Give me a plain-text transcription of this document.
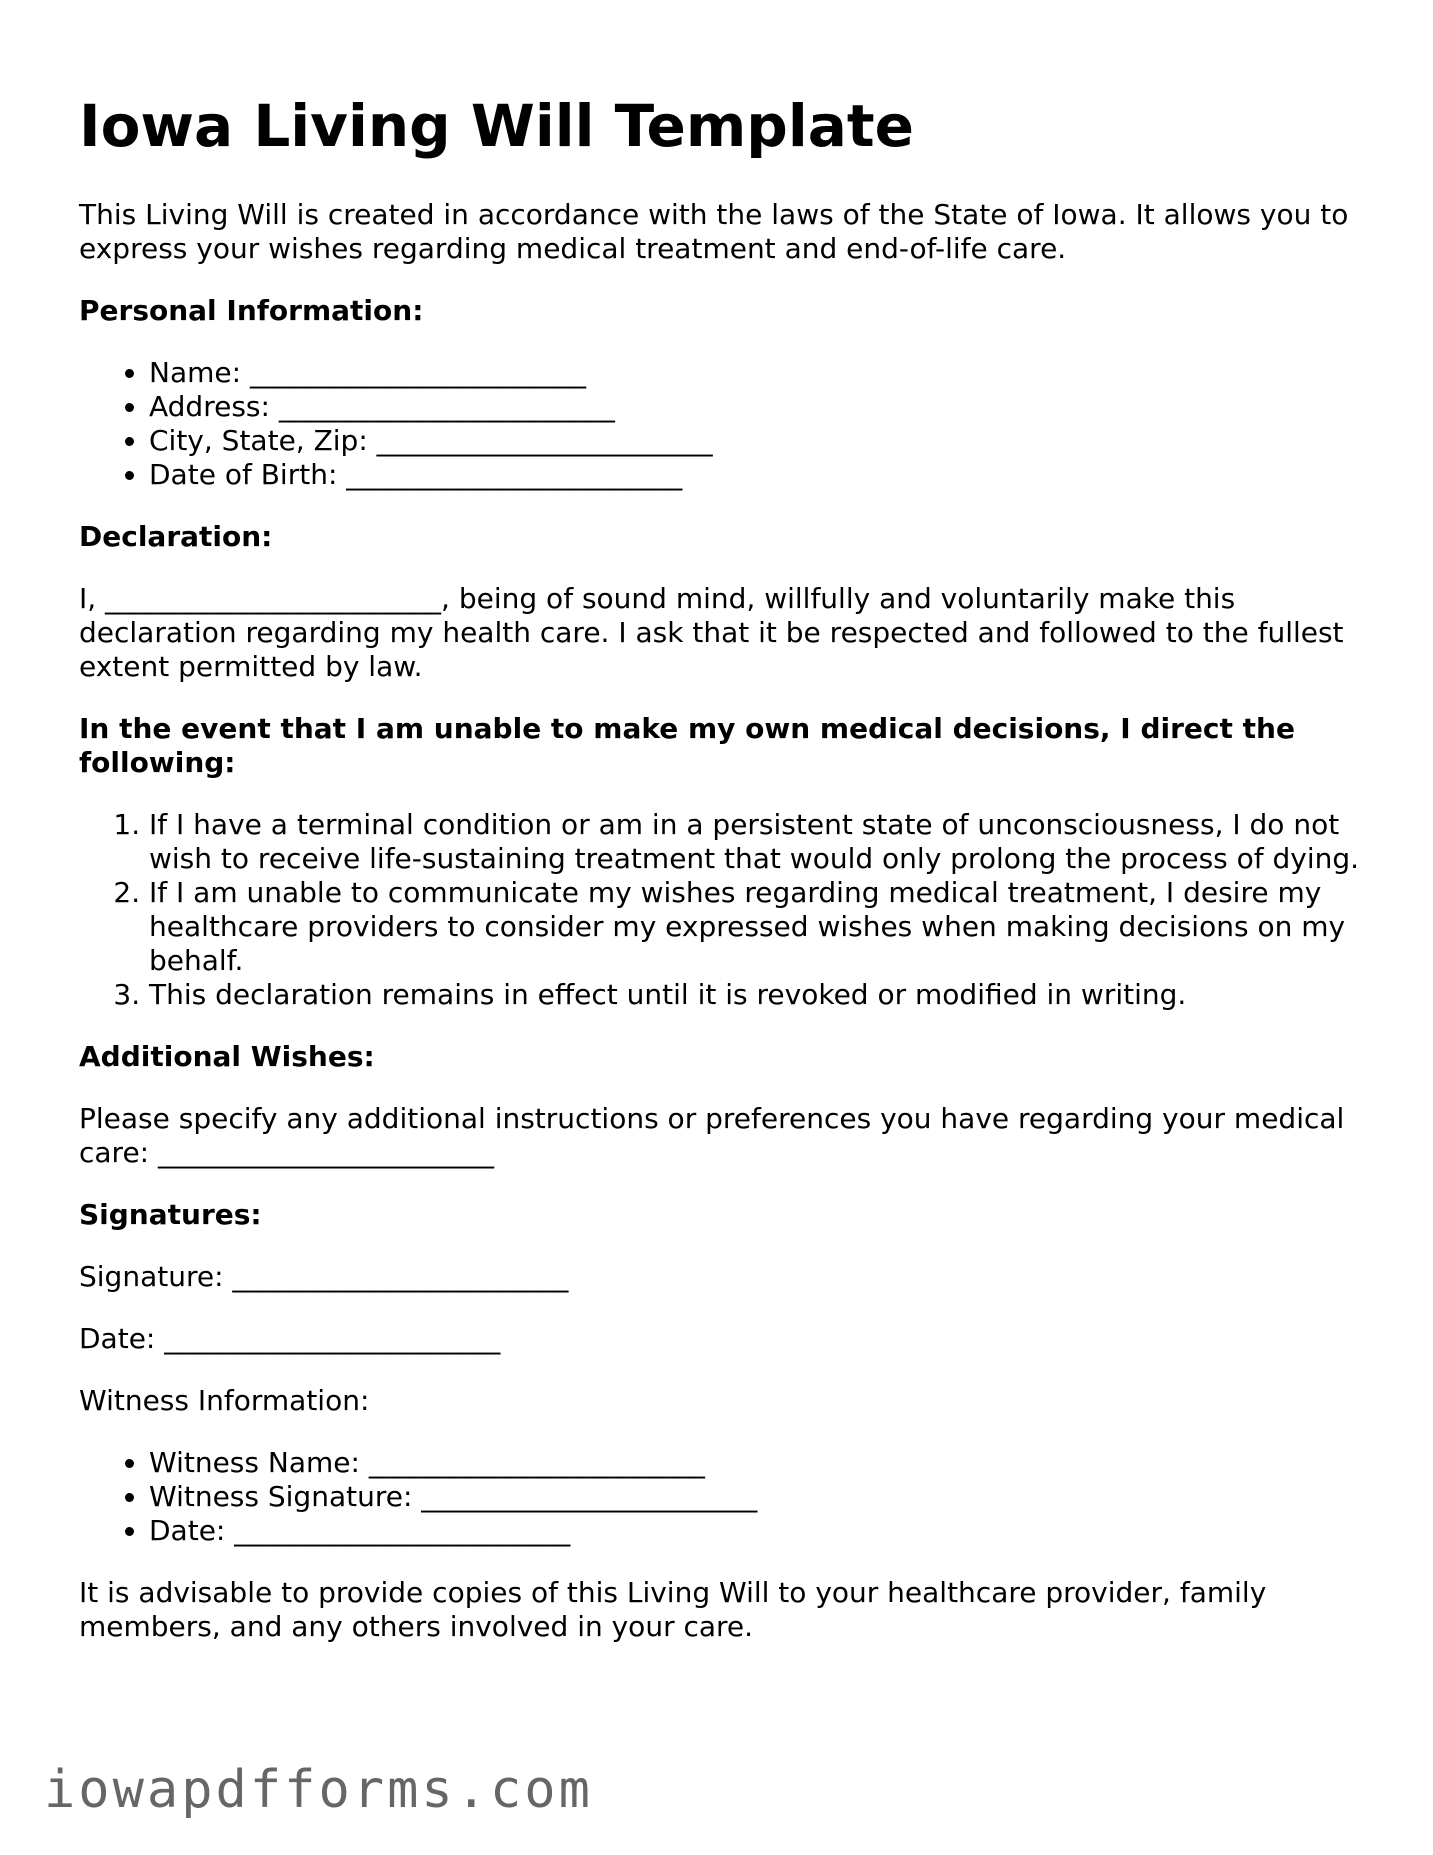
Iowa Living Will Template

This Living Will is created in accordance with the laws of the State of Iowa. It allows you to express your wishes regarding medical treatment and end-of-life care.

Personal Information:

• Name: ________________________
• Address: ________________________
• City, State, Zip: ________________________
• Date of Birth: ________________________

Declaration:

I, ________________________, being of sound mind, willfully and voluntarily make this declaration regarding my health care. I ask that it be respected and followed to the fullest extent permitted by law.

In the event that I am unable to make my own medical decisions, I direct the following:

1. If I have a terminal condition or am in a persistent state of unconsciousness, I do not wish to receive life-sustaining treatment that would only prolong the process of dying.
2. If I am unable to communicate my wishes regarding medical treatment, I desire my healthcare providers to consider my expressed wishes when making decisions on my behalf.
3. This declaration remains in effect until it is revoked or modified in writing.

Additional Wishes:

Please specify any additional instructions or preferences you have regarding your medical care: ________________________

Signatures:

Signature: ________________________

Date: ________________________

Witness Information:

• Witness Name: ________________________
• Witness Signature: ________________________
• Date: ________________________

It is advisable to provide copies of this Living Will to your healthcare provider, family members, and any others involved in your care.

iowapdfforms.com
